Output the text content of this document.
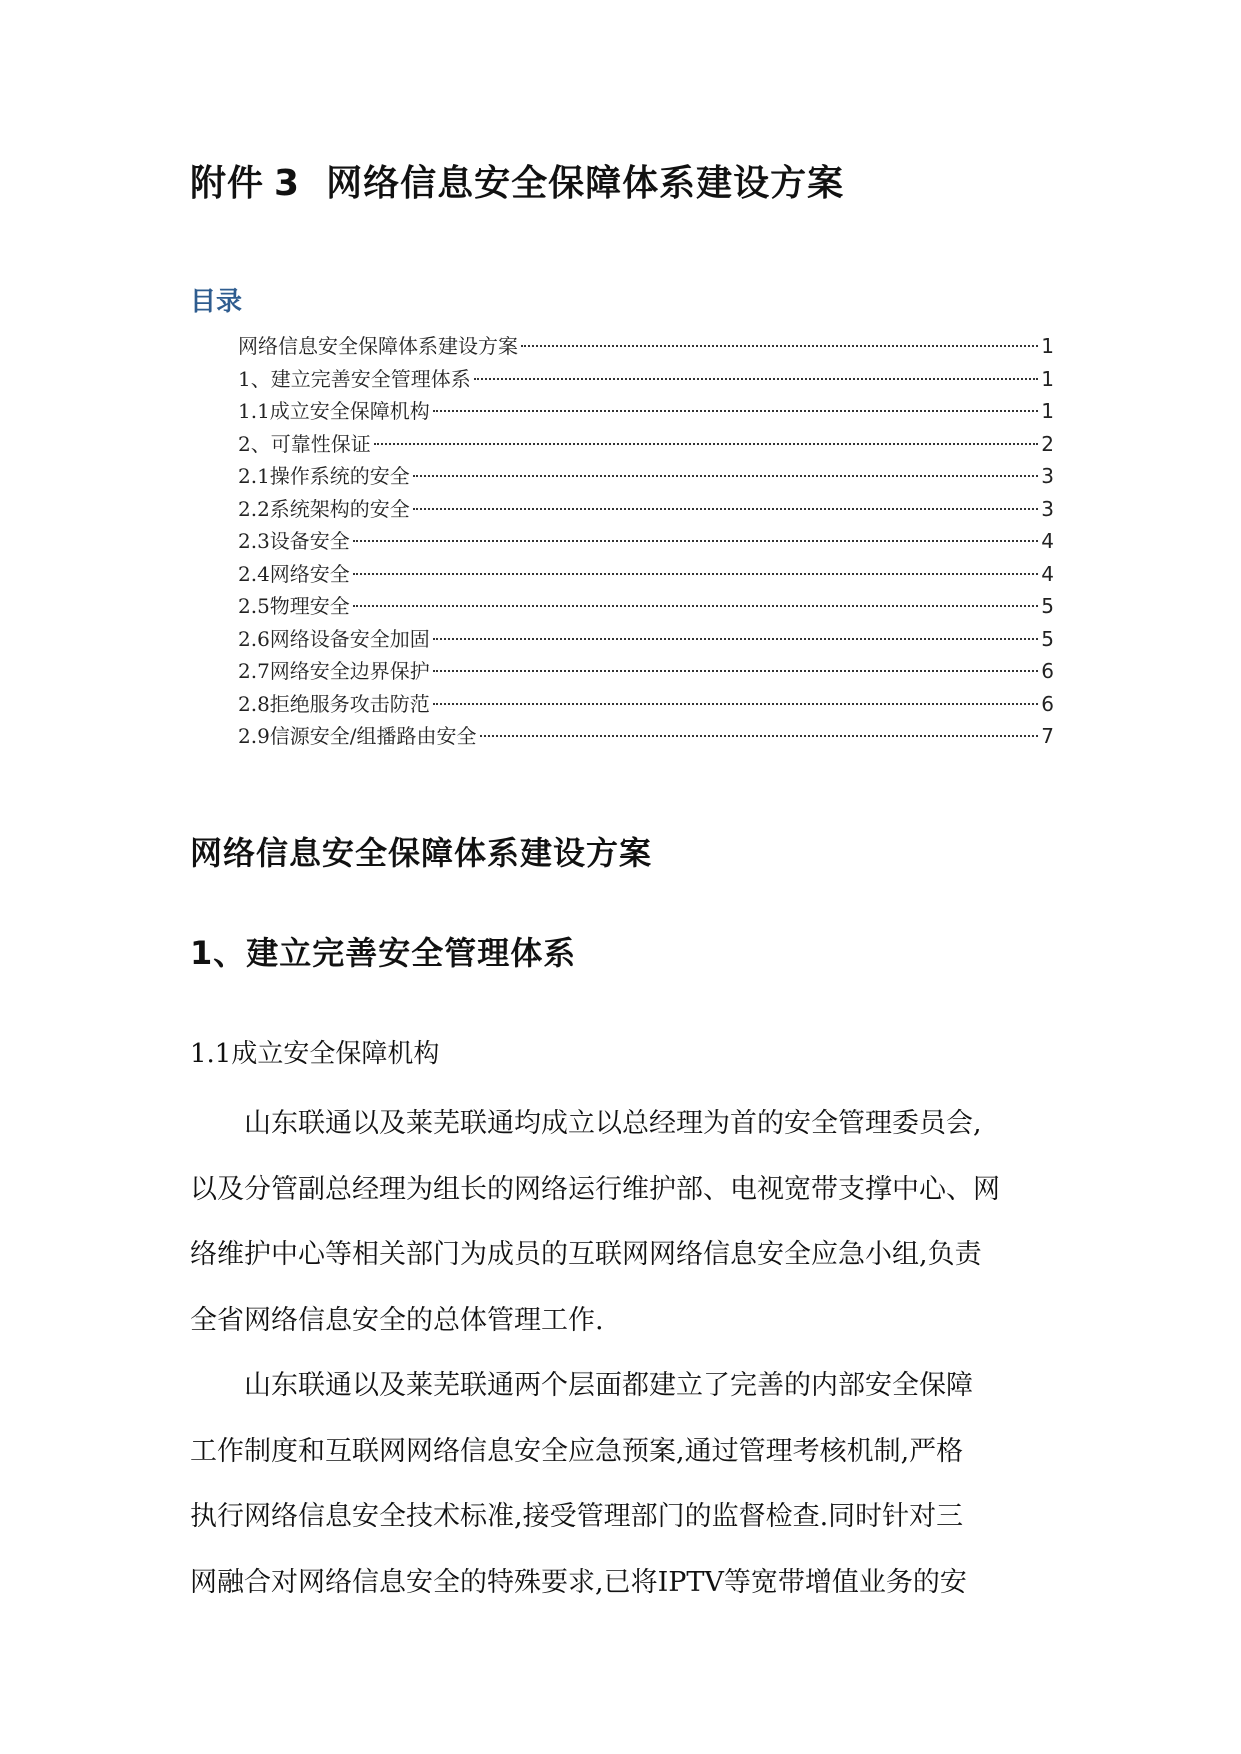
附件 3 网络信息安全保障体系建设方案
目录
网络信息安全保障体系建设方案	1
1、建立完善安全管理体系	1
1.1成立安全保障机构	1
2、可靠性保证	2
2.1操作系统的安全	3
2.2系统架构的安全	3
2.3设备安全	4
2.4网络安全	4
2.5物理安全	5
2.6网络设备安全加固	5
2.7网络安全边界保护	6
2.8拒绝服务攻击防范	6
2.9信源安全/组播路由安全	7
网络信息安全保障体系建设方案
1、建立完善安全管理体系
1.1成立安全保障机构
　　山东联通以及莱芜联通均成立以总经理为首的安全管理委员会,
以及分管副总经理为组长的网络运行维护部、电视宽带支撑中心、网
络维护中心等相关部门为成员的互联网网络信息安全应急小组,负责
全省网络信息安全的总体管理工作.
　　山东联通以及莱芜联通两个层面都建立了完善的内部安全保障
工作制度和互联网网络信息安全应急预案,通过管理考核机制,严格
执行网络信息安全技术标准,接受管理部门的监督检查.同时针对三
网融合对网络信息安全的特殊要求,已将IPTV等宽带增值业务的安
